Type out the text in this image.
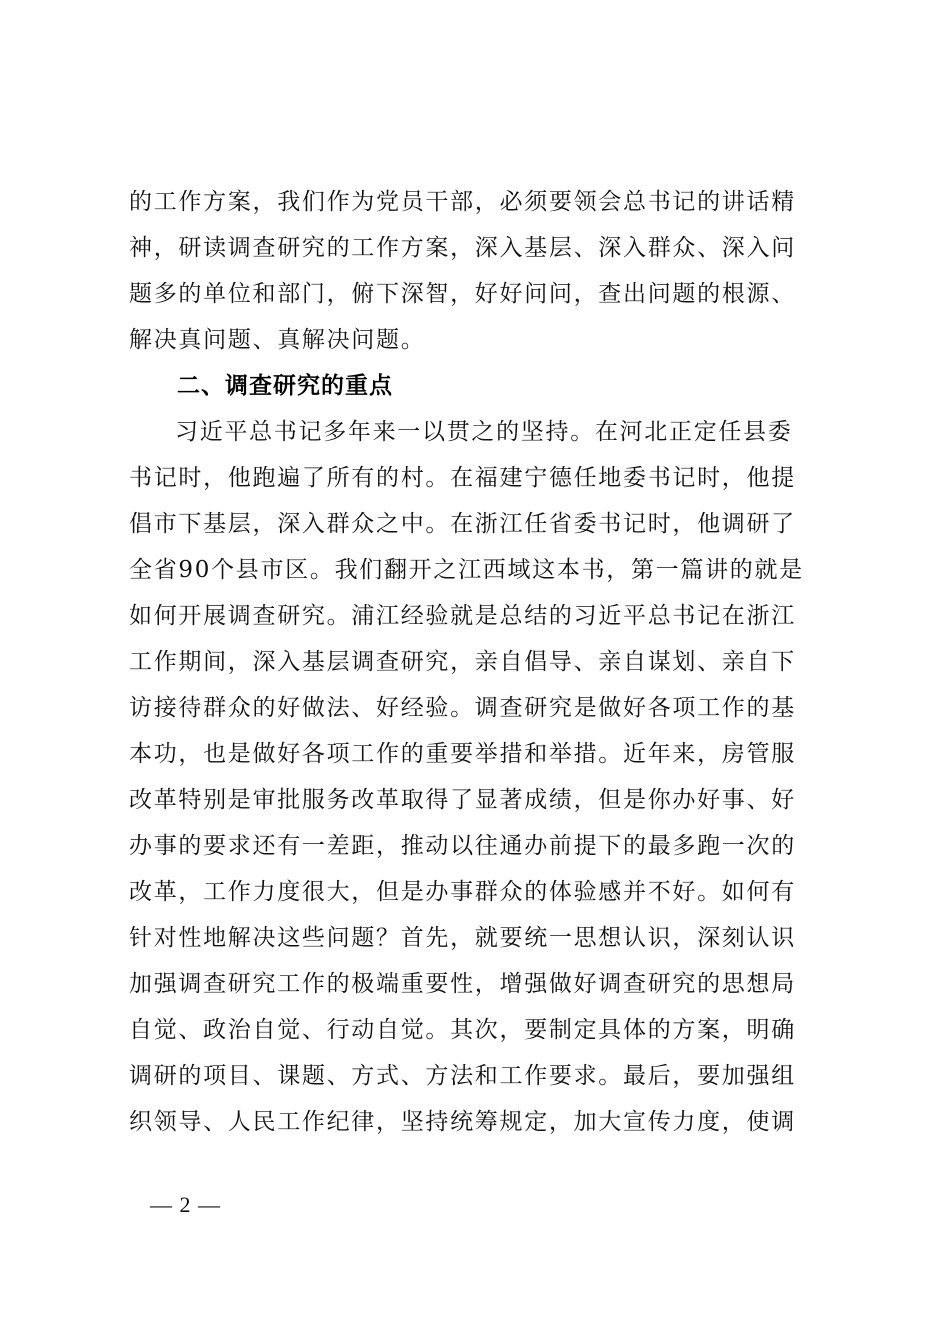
的工作方案，我们作为党员干部，必须要领会总书记的讲话精
神，研读调查研究的工作方案，深入基层、深入群众、深入问
题多的单位和部门，俯下深智，好好问问，查出问题的根源、
解决真问题、真解决问题。
二、调查研究的重点
习近平总书记多年来一以贯之的坚持。在河北正定任县委
书记时，他跑遍了所有的村。在福建宁德任地委书记时，他提
倡市下基层，深入群众之中。在浙江任省委书记时，他调研了
全省90个县市区。我们翻开之江西域这本书，第一篇讲的就是
如何开展调查研究。浦江经验就是总结的习近平总书记在浙江
工作期间，深入基层调查研究，亲自倡导、亲自谋划、亲自下
访接待群众的好做法、好经验。调查研究是做好各项工作的基
本功，也是做好各项工作的重要举措和举措。近年来，房管服
改革特别是审批服务改革取得了显著成绩，但是你办好事、好
办事的要求还有一差距，推动以往通办前提下的最多跑一次的
改革，工作力度很大，但是办事群众的体验感并不好。如何有
针对性地解决这些问题？首先，就要统一思想认识，深刻认识
加强调查研究工作的极端重要性，增强做好调查研究的思想局
自觉、政治自觉、行动自觉。其次，要制定具体的方案，明确
调研的项目、课题、方式、方法和工作要求。最后，要加强组
织领导、人民工作纪律，坚持统筹规定，加大宣传力度，使调
— 2 —
